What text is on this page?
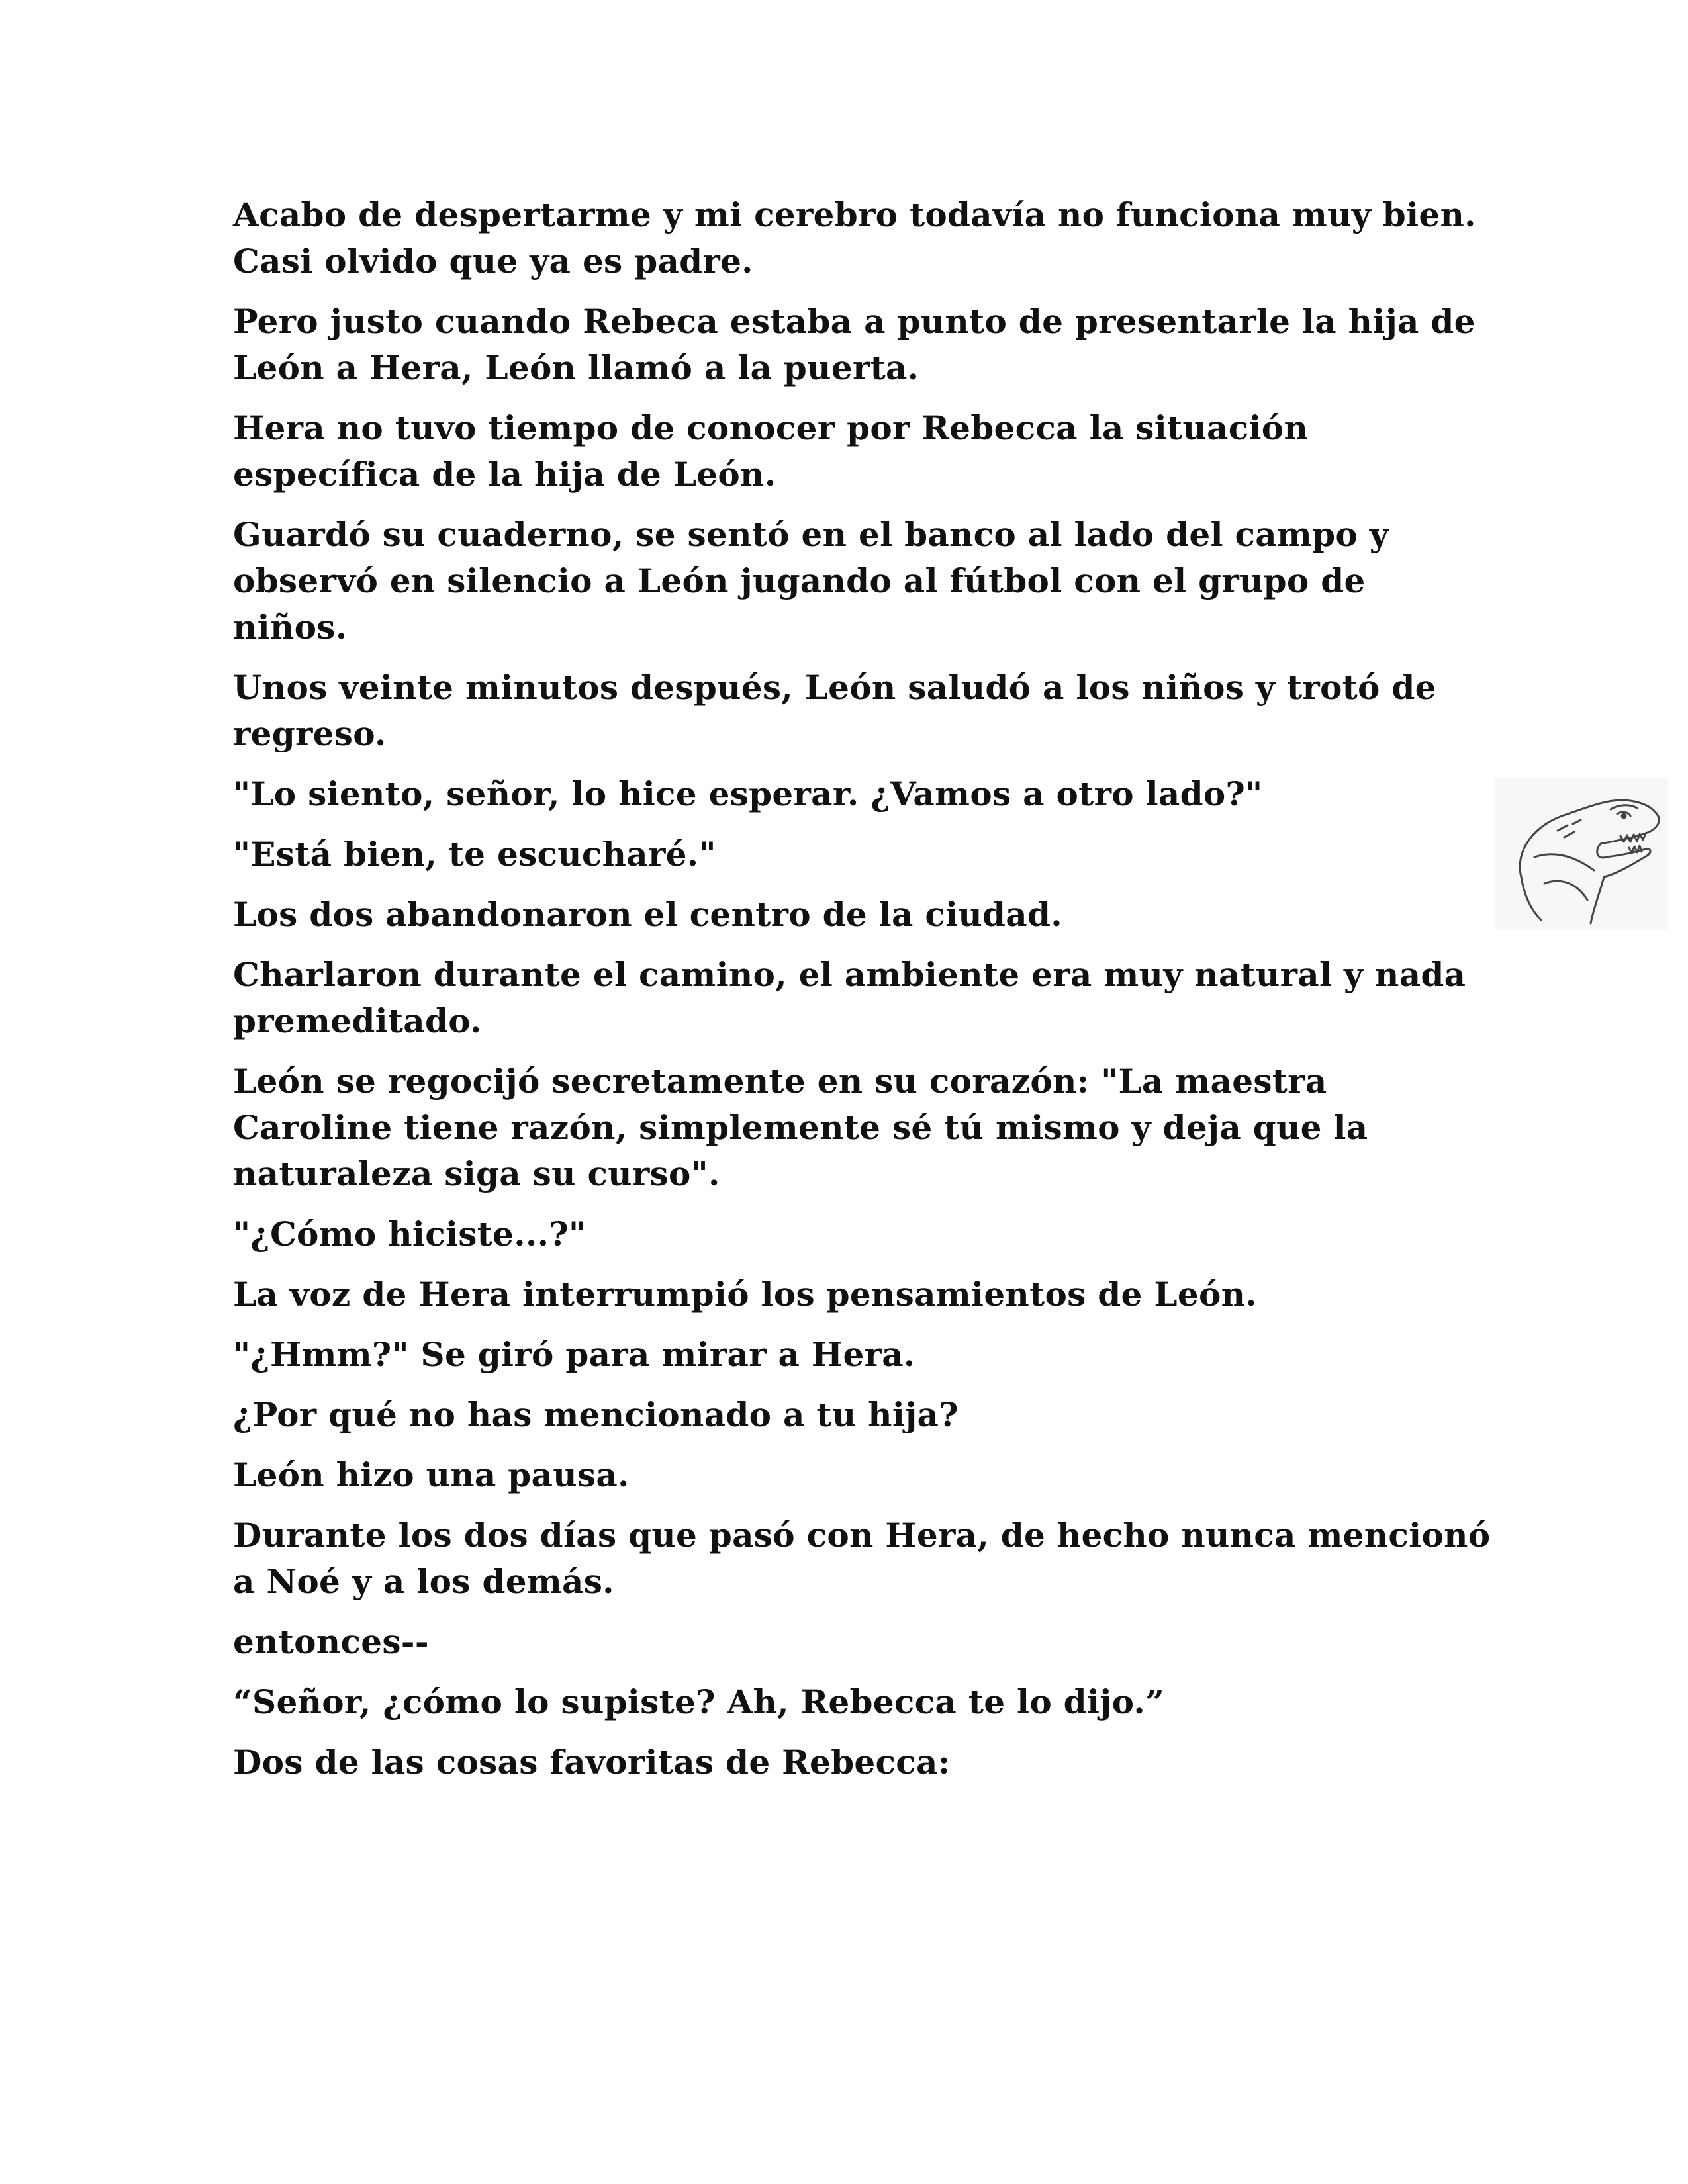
Acabo de despertarme y mi cerebro todavía no funciona muy bien. Casi olvido que ya es padre.

Pero justo cuando Rebeca estaba a punto de presentarle la hija de León a Hera, León llamó a la puerta.

Hera no tuvo tiempo de conocer por Rebecca la situación específica de la hija de León.

Guardó su cuaderno, se sentó en el banco al lado del campo y observó en silencio a León jugando al fútbol con el grupo de niños.

Unos veinte minutos después, León saludó a los niños y trotó de regreso.

"Lo siento, señor, lo hice esperar. ¿Vamos a otro lado?"

"Está bien, te escucharé."

Los dos abandonaron el centro de la ciudad.

Charlaron durante el camino, el ambiente era muy natural y nada premeditado.

León se regocijó secretamente en su corazón: "La maestra Caroline tiene razón, simplemente sé tú mismo y deja que la naturaleza siga su curso".

"¿Cómo hiciste...?"

La voz de Hera interrumpió los pensamientos de León.

"¿Hmm?" Se giró para mirar a Hera.

¿Por qué no has mencionado a tu hija?

León hizo una pausa.

Durante los dos días que pasó con Hera, de hecho nunca mencionó a Noé y a los demás.

entonces--

“Señor, ¿cómo lo supiste? Ah, Rebecca te lo dijo.”

Dos de las cosas favoritas de Rebecca:
